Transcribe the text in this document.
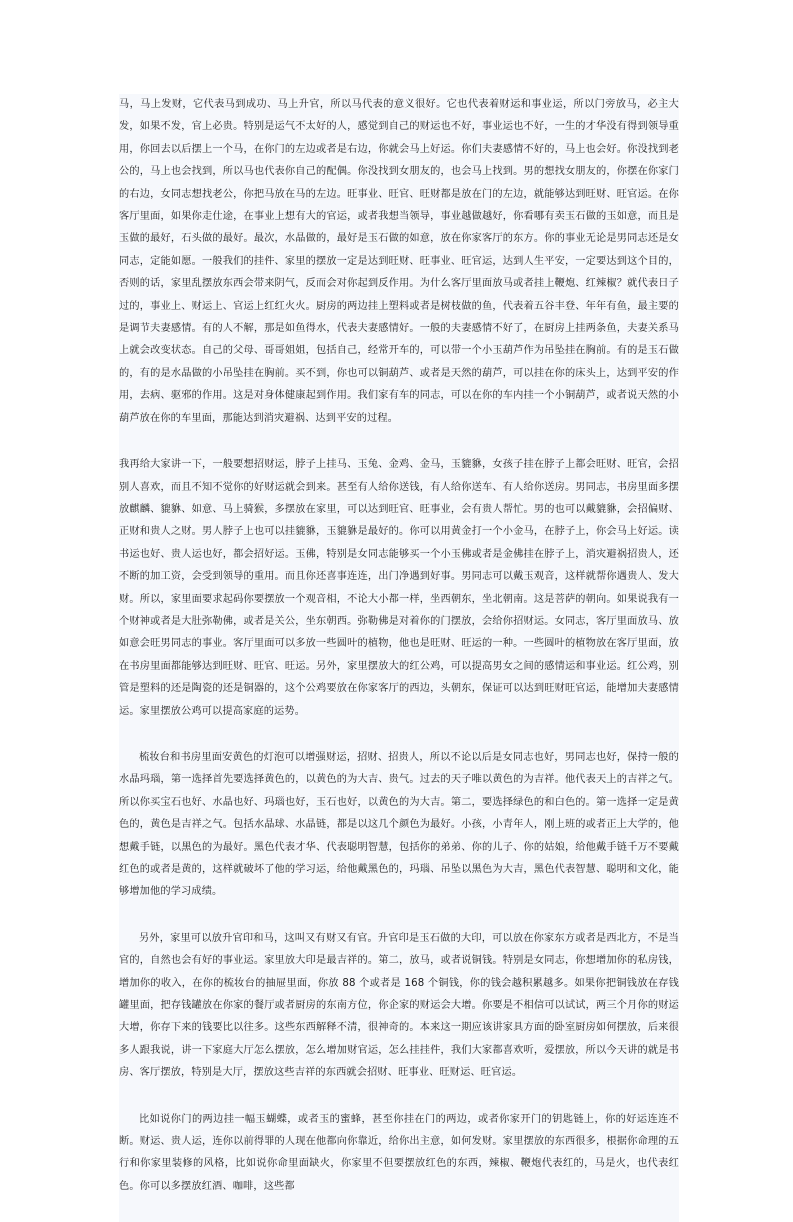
马，马上发财，它代表马到成功、马上升官，所以马代表的意义很好。它也代表着财运和事业运，所以门旁放马，必主大发，如果不发，官上必贵。特别是运气不太好的人，感觉到自己的财运也不好，事业运也不好，一生的才华没有得到领导重用，你回去以后摆上一个马，在你门的左边或者是右边，你就会马上好运。你们夫妻感情不好的，马上也会好。你没找到老公的，马上也会找到，所以马也代表你自己的配偶。你没找到女朋友的，也会马上找到。男的想找女朋友的，你摆在你家门的右边，女同志想找老公，你把马放在马的左边。旺事业、旺官、旺财都是放在门的左边，就能够达到旺财、旺官运。在你客厅里面，如果你走仕途，在事业上想有大的官运，或者我想当领导，事业越做越好，你看哪有卖玉石做的玉如意，而且是玉做的最好，石头做的最好。最次，水晶做的，最好是玉石做的如意，放在你家客厅的东方。你的事业无论是男同志还是女同志，定能如愿。一般我们的挂件、家里的摆放一定是达到旺财、旺事业、旺官运，达到人生平安，一定要达到这个目的，否则的话，家里乱摆放东西会带来阴气，反而会对你起到反作用。为什么客厅里面放马或者挂上鞭炮、红辣椒？就代表日子过的，事业上、财运上、官运上红红火火。厨房的两边挂上塑料或者是树枝做的鱼，代表着五谷丰登、年年有鱼，最主要的是调节夫妻感情。有的人不解，那是如鱼得水，代表夫妻感情好。一般的夫妻感情不好了，在厨房上挂两条鱼，夫妻关系马上就会改变状态。自己的父母、哥哥姐姐，包括自己，经常开车的，可以带一个小玉葫芦作为吊坠挂在胸前。有的是玉石做的，有的是水晶做的小吊坠挂在胸前。买不到，你也可以铜葫芦、或者是天然的葫芦，可以挂在你的床头上，达到平安的作用，去病、驱邪的作用。这是对身体健康起到作用。我们家有车的同志，可以在你的车内挂一个小铜葫芦，或者说天然的小葫芦放在你的车里面，那能达到消灾避祸、达到平安的过程。

我再给大家讲一下，一般要想招财运，脖子上挂马、玉兔、金鸡、金马，玉貔貅，女孩子挂在脖子上都会旺财、旺官，会招别人喜欢，而且不知不觉你的好财运就会到来。甚至有人给你送钱，有人给你送车、有人给你送房。男同志，书房里面多摆放麒麟、貔貅、如意、马上骑猴，多摆放在家里，可以达到旺官、旺事业，会有贵人帮忙。男的也可以戴貔貅，会招偏财、正财和贵人之财。男人脖子上也可以挂貔貅，玉貔貅是最好的。你可以用黄金打一个小金马，在脖子上，你会马上好运。读书运也好、贵人运也好，都会招好运。玉佛，特别是女同志能够买一个小玉佛或者是金佛挂在脖子上，消灾避祸招贵人，还不断的加工资，会受到领导的重用。而且你还喜事连连，出门净遇到好事。男同志可以戴玉观音，这样就帮你遇贵人、发大财。所以，家里面要求起码你要摆放一个观音相，不论大小都一样，坐西朝东，坐北朝南。这是菩萨的朝向。如果说我有一个财神或者是大肚弥勒佛，或者是关公，坐东朝西。弥勒佛是对着你的门摆放，会给你招财运。女同志，客厅里面放马、放如意会旺男同志的事业。客厅里面可以多放一些圆叶的植物，他也是旺财、旺运的一种。一些圆叶的植物放在客厅里面，放在书房里面都能够达到旺财、旺官、旺运。另外，家里摆放大的红公鸡，可以提高男女之间的感情运和事业运。红公鸡，别管是塑料的还是陶瓷的还是铜器的，这个公鸡要放在你家客厅的西边，头朝东，保证可以达到旺财旺官运，能增加夫妻感情运。家里摆放公鸡可以提高家庭的运势。

梳妆台和书房里面安黄色的灯泡可以增强财运，招财、招贵人，所以不论以后是女同志也好，男同志也好，保持一般的水晶玛瑙，第一选择首先要选择黄色的，以黄色的为大吉、贵气。过去的天子唯以黄色的为吉祥。他代表天上的吉祥之气。所以你买宝石也好、水晶也好、玛瑙也好，玉石也好，以黄色的为大吉。第二，要选择绿色的和白色的。第一选择一定是黄色的，黄色是吉祥之气。包括水晶球、水晶链，都是以这几个颜色为最好。小孩，小青年人，刚上班的或者正上大学的，他想戴手链，以黑色的为最好。黑色代表才华、代表聪明智慧，包括你的弟弟、你的儿子、你的姑娘，给他戴手链千万不要戴红色的或者是黄的，这样就破坏了他的学习运，给他戴黑色的，玛瑙、吊坠以黑色为大吉，黑色代表智慧、聪明和文化，能够增加他的学习成绩。

另外，家里可以放升官印和马，这叫又有财又有官。升官印是玉石做的大印，可以放在你家东方或者是西北方，不是当官的，自然也会有好的事业运。家里放大印是最吉祥的。第二，放马，或者说铜钱。特别是女同志，你想增加你的私房钱，增加你的收入，在你的梳妆台的抽屉里面，你放 88 个或者是 168 个铜钱，你的钱会越积累越多。如果你把铜钱放在存钱罐里面，把存钱罐放在你家的餐厅或者厨房的东南方位，你企家的财运会大增。你要是不相信可以试试，两三个月你的财运大增，你存下来的钱要比以往多。这些东西解释不清，很神奇的。本来这一期应该讲家具方面的卧室厨房如何摆放，后来很多人跟我说，讲一下家庭大厅怎么摆放，怎么增加财官运，怎么挂挂件，我们大家都喜欢听，爱摆放，所以今天讲的就是书房、客厅摆放，特别是大厅，摆放这些吉祥的东西就会招财、旺事业、旺财运、旺官运。

比如说你门的两边挂一幅玉蝴蝶，或者玉的蜜蜂，甚至你挂在门的两边，或者你家开门的钥匙链上，你的好运连连不断。财运、贵人运，连你以前得罪的人现在他都向你靠近，给你出主意，如何发财。家里摆放的东西很多，根据你命理的五行和你家里装修的风格，比如说你命里面缺火，你家里不但要摆放红色的东西，辣椒、鞭炮代表红的，马是火，也代表红色。你可以多摆放红酒、咖啡，这些都
